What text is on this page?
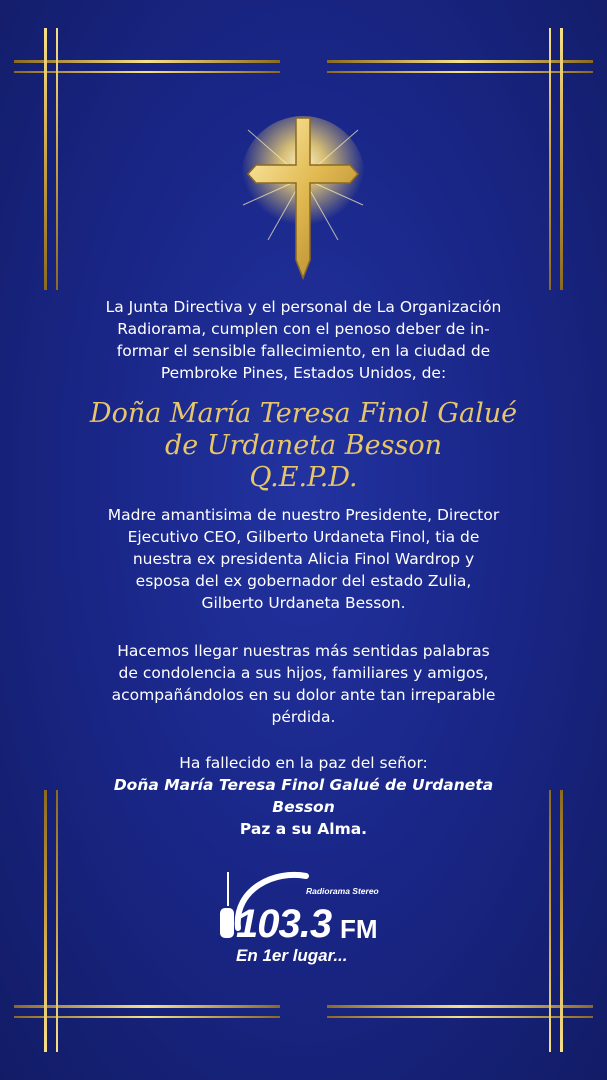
La Junta Directiva y el personal de La Organización
Radiorama, cumplen con el penoso deber de in-
formar el sensible fallecimiento, en la ciudad de
Pembroke Pines, Estados Unidos, de:

Doña María Teresa Finol Galué
de Urdaneta Besson
Q.E.P.D.

Madre amantisima de nuestro Presidente, Director
Ejecutivo CEO, Gilberto Urdaneta Finol, tia de
nuestra ex presidenta Alicia Finol Wardrop y
esposa del ex gobernador del estado Zulia,
Gilberto Urdaneta Besson.

Hacemos llegar nuestras más sentidas palabras
de condolencia a sus hijos, familiares y amigos,
acompañándolos en su dolor ante tan irreparable
pérdida.

Ha fallecido en la paz del señor:
Doña María Teresa Finol Galué de Urdaneta
Besson
Paz a su Alma.
Radiorama Stereo
103.3 FM
En 1er lugar...
